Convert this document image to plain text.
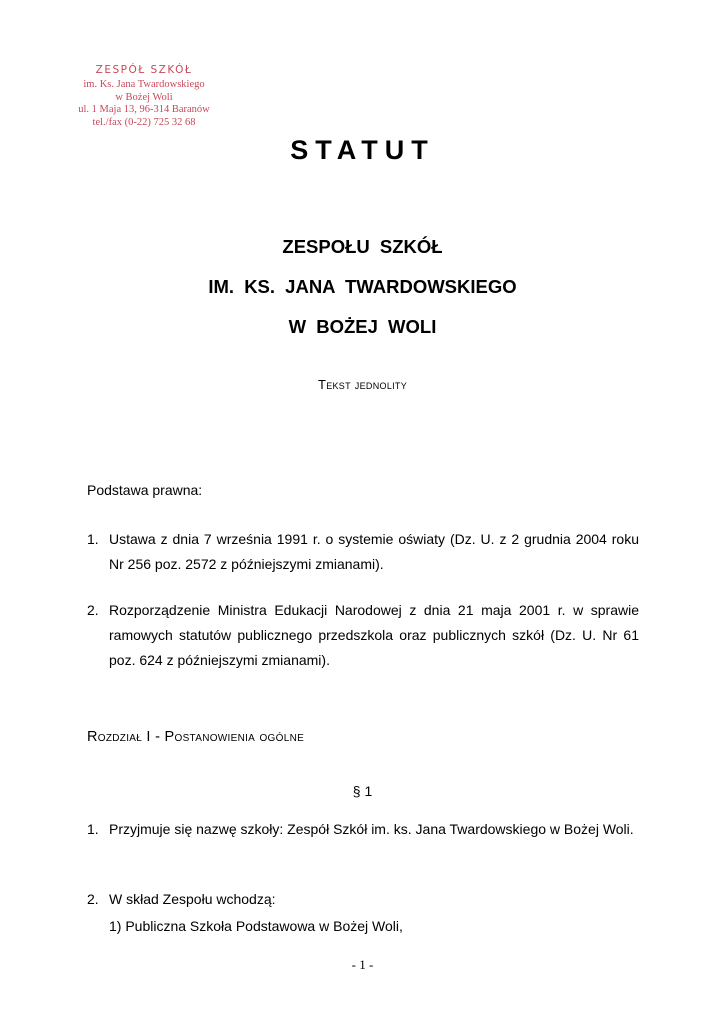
ZESPÓŁ SZKÓŁ
im. Ks. Jana Twardowskiego
w Bożej Woli
ul. 1 Maja 13, 96-314 Baranów
tel./fax (0-22) 725 32 68
STATUT
ZESPOŁU SZKÓŁ
IM. KS. JANA TWARDOWSKIEGO
W BOŻEJ WOLI
Tekst jednolity
Podstawa prawna:
1. Ustawa z dnia 7 września 1991 r. o systemie oświaty (Dz. U. z 2 grudnia 2004 roku Nr 256 poz. 2572 z późniejszymi zmianami).
2. Rozporządzenie Ministra Edukacji Narodowej z dnia 21 maja 2001 r. w sprawie ramowych statutów publicznego przedszkola oraz publicznych szkół (Dz. U. Nr 61 poz. 624 z późniejszymi zmianami).
Rozdział I - Postanowienia ogólne
§ 1
1. Przyjmuje się nazwę szkoły: Zespół Szkół im. ks. Jana Twardowskiego w Bożej Woli.
2. W skład Zespołu wchodzą:
1) Publiczna Szkoła Podstawowa w Bożej Woli,
- 1 -
